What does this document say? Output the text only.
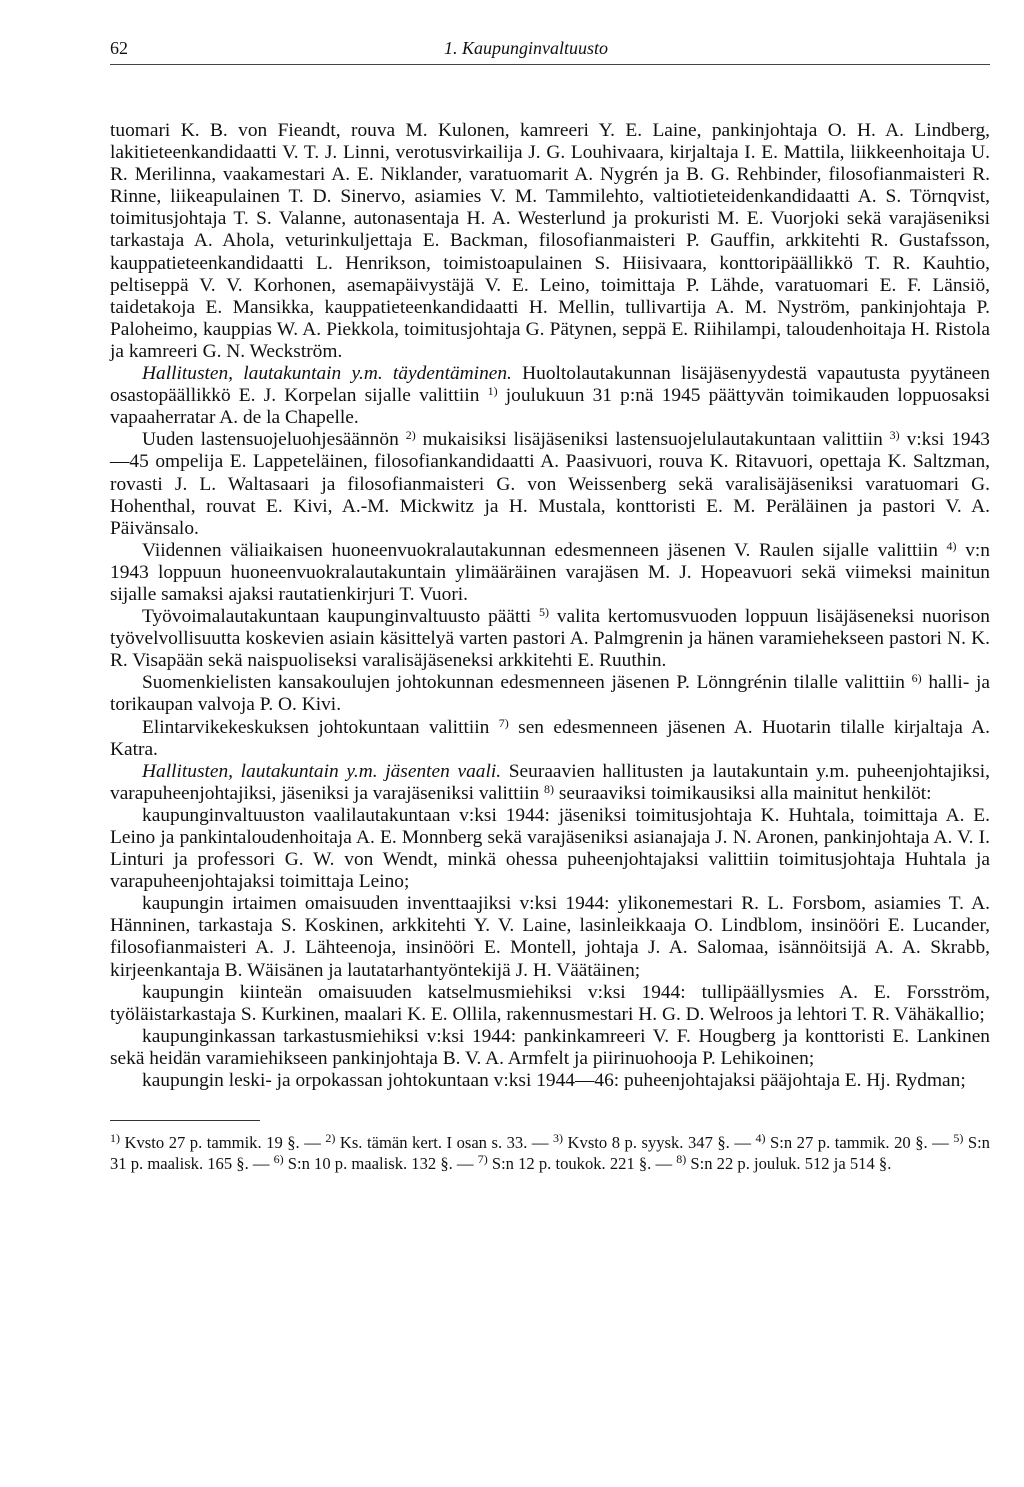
62	1. Kaupunginvaltuusto

tuomari K. B. von Fieandt, rouva M. Kulonen, kamreeri Y. E. Laine, pankinjohtaja O. H. A. Lindberg, lakitieteenkandidaatti V. T. J. Linni, verotusvirkailija J. G. Louhivaara, kirjaltaja I. E. Mattila, liikkeenhoitaja U. R. Merilinna, vaakamestari A. E. Niklander, varatuomarit A. Nygrén ja B. G. Rehbinder, filosofianmaisteri R. Rinne, liikeapulainen T. D. Sinervo, asiamies V. M. Tammilehto, valtiotieteidenkandidaatti A. S. Törnqvist, toimitusjohtaja T. S. Valanne, autonasentaja H. A. Westerlund ja prokuristi M. E. Vuorjoki sekä varajäseniksi tarkastaja A. Ahola, veturinkuljettaja E. Backman, filosofianmaisteri P. Gauffin, arkkitehti R. Gustafsson, kauppatieteenkandidaatti L. Henrikson, toimistoapulainen S. Hiisivaara, konttoripäällikkö T. R. Kauhtio, peltiseppä V. V. Korhonen, asemapäivystäjä V. E. Leino, toimittaja P. Lähde, varatuomari E. F. Länsiö, taidetakoja E. Mansikka, kauppatieteenkandidaatti H. Mellin, tullivartija A. M. Nyström, pankinjohtaja P. Paloheimo, kauppias W. A. Piekkola, toimitusjohtaja G. Pätynen, seppä E. Riihilampi, taloudenhoitaja H. Ristola ja kamreeri G. N. Weckström.

Hallitusten, lautakuntain y.m. täydentäminen. Huoltolautakunnan lisäjäsenyydestä vapautusta pyytäneen osastopäällikkö E. J. Korpelan sijalle valittiin $^{1)}$ joulukuun 31 p:nä 1945 päättyvän toimikauden loppuosaksi vapaaherratar A. de la Chapelle.

Uuden lastensuojeluohjesäännön $^{2)}$ mukaisiksi lisäjäseniksi lastensuojelulautakuntaan valittiin $^{3)}$ v:ksi 1943—45 ompelija E. Lappeteläinen, filosofiankandidaatti A. Paasivuori, rouva K. Ritavuori, opettaja K. Saltzman, rovasti J. L. Waltasaari ja filosofianmaisteri G. von Weissenberg sekä varalisäjäseniksi varatuomari G. Hohenthal, rouvat E. Kivi, A.-M. Mickwitz ja H. Mustala, konttoristi E. M. Peräläinen ja pastori V. A. Päivänsalo.

Viidennen väliaikaisen huoneenvuokralautakunnan edesmenneen jäsenen V. Raulen sijalle valittiin $^{4)}$ v:n 1943 loppuun huoneenvuokralautakuntain ylimääräinen varajäsen M. J. Hopeavuori sekä viimeksi mainitun sijalle samaksi ajaksi rautatienkirjuri T. Vuori.

Työvoimalautakuntaan kaupunginvaltuusto päätti $^{5)}$ valita kertomusvuoden loppuun lisäjäseneksi nuorison työvelvollisuutta koskevien asiain käsittelyä varten pastori A. Palmgrenin ja hänen varamiehekseen pastori N. K. R. Visapään sekä naispuoliseksi varalisäjäseneksi arkkitehti E. Ruuthin.

Suomenkielisten kansakoulujen johtokunnan edesmenneen jäsenen P. Lönngrénin tilalle valittiin $^{6)}$ halli- ja torikaupan valvoja P. O. Kivi.

Elintarvikekeskuksen johtokuntaan valittiin $^{7)}$ sen edesmenneen jäsenen A. Huotarin tilalle kirjaltaja A. Katra.

Hallitusten, lautakuntain y.m. jäsenten vaali. Seuraavien hallitusten ja lautakuntain y.m. puheenjohtajiksi, varapuheenjohtajiksi, jäseniksi ja varajäseniksi valittiin $^{8)}$ seuraaviksi toimikausiksi alla mainitut henkilöt:

kaupunginvaltuuston vaalilautakuntaan v:ksi 1944: jäseniksi toimitusjohtaja K. Huhtala, toimittaja A. E. Leino ja pankintaloudenhoitaja A. E. Monnberg sekä varajäseniksi asianajaja J. N. Aronen, pankinjohtaja A. V. I. Linturi ja professori G. W. von Wendt, minkä ohessa puheenjohtajaksi valittiin toimitusjohtaja Huhtala ja varapuheenjohtajaksi toimittaja Leino;

kaupungin irtaimen omaisuuden inventtaajiksi v:ksi 1944: ylikonemestari R. L. Forsbom, asiamies T. A. Hänninen, tarkastaja S. Koskinen, arkkitehti Y. V. Laine, lasinleikkaaja O. Lindblom, insinööri E. Lucander, filosofianmaisteri A. J. Lähteenoja, insinööri E. Montell, johtaja J. A. Salomaa, isännöitsijä A. A. Skrabb, kirjeenkantaja B. Wäisänen ja lautatarhantyöntekijä J. H. Väätäinen;

kaupungin kiinteän omaisuuden katselmusmiehiksi v:ksi 1944: tullipäällysmies A. E. Forsström, työläistarkastaja S. Kurkinen, maalari K. E. Ollila, rakennusmestari H. G. D. Welroos ja lehtori T. R. Vähäkallio;

kaupunginkassan tarkastusmiehiksi v:ksi 1944: pankinkamreeri V. F. Hougberg ja konttoristi E. Lankinen sekä heidän varamiehikseen pankinjohtaja B. V. A. Armfelt ja piirinuohooja P. Lehikoinen;

kaupungin leski- ja orpokassan johtokuntaan v:ksi 1944—46: puheenjohtajaksi pääjohtaja E. Hj. Rydman;

$^{1)}$ Kvsto 27 p. tammik. 19 §. — $^{2)}$ Ks. tämän kert. I osan s. 33. — $^{3)}$ Kvsto 8 p. syysk. 347 §. — $^{4)}$ S:n 27 p. tammik. 20 §. — $^{5)}$ S:n 31 p. maalisk. 165 §. — $^{6)}$ S:n 10 p. maalisk. 132 §. — $^{7)}$ S:n 12 p. toukok. 221 §. — $^{8)}$ S:n 22 p. jouluk. 512 ja 514 §.
